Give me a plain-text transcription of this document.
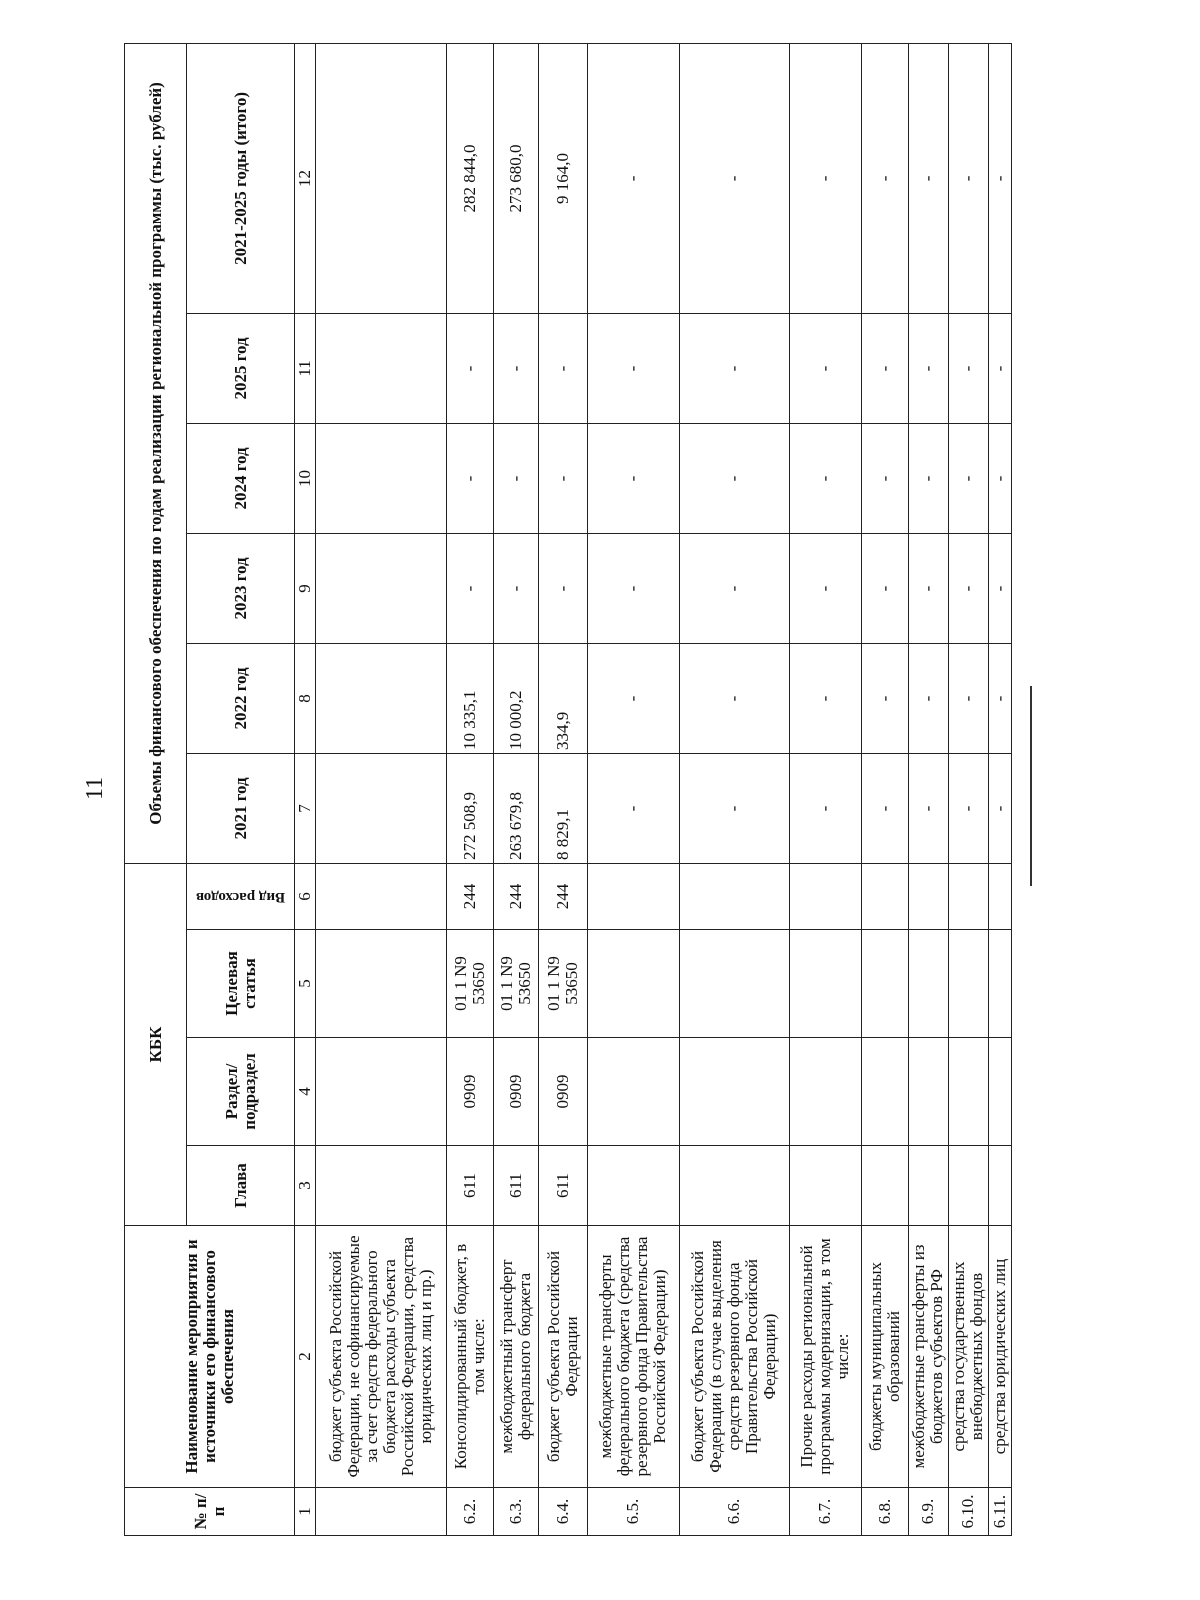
11
№ п/п	Наименование мероприятия и источники его финансового обеспечения	КБК				Объемы финансового обеспечения по годам реализации региональной программы (тыс. рублей)					
		Глава	Раздел/ подраздел	Целевая статья	Вид расходов	2021 год	2022 год	2023 год	2024 год	2025 год	2021-2025 годы (итого)
1	2	3	4	5	6	7	8	9	10	11	12
	бюджет субъекта Российской Федерации, не софинансируемые за счет средств федерального бюджета расходы субъекта Российской Федерации, средства юридических лиц и пр.)										
6.2.	Консолидированный бюджет, в том числе:	611	0909	01 1 N9 53650	244	272 508,9	10 335,1	-	-	-	282 844,0
6.3.	межбюджетный трансферт федерального бюджета	611	0909	01 1 N9 53650	244	263 679,8	10 000,2	-	-	-	273 680,0
6.4.	бюджет субъекта Российской Федерации	611	0909	01 1 N9 53650	244	8 829,1	334,9	-	-	-	9 164,0
6.5.	межбюджетные трансферты федерального бюджета (средства резервного фонда Правительства Российской Федерации)					-	-	-	-	-	-
6.6.	бюджет субъекта Российской Федерации (в случае выделения средств резервного фонда Правительства Российской Федерации)					-	-	-	-	-	-
6.7.	Прочие расходы региональной программы модернизации, в том числе:					-	-	-	-	-	-
6.8.	бюджеты муниципальных образований					-	-	-	-	-	-
6.9.	межбюджетные трансферты из бюджетов субъектов РФ					-	-	-	-	-	-
6.10.	средства государственных внебюджетных фондов					-	-	-	-	-	-
6.11.	средства юридических лиц					-	-	-	-	-	-
